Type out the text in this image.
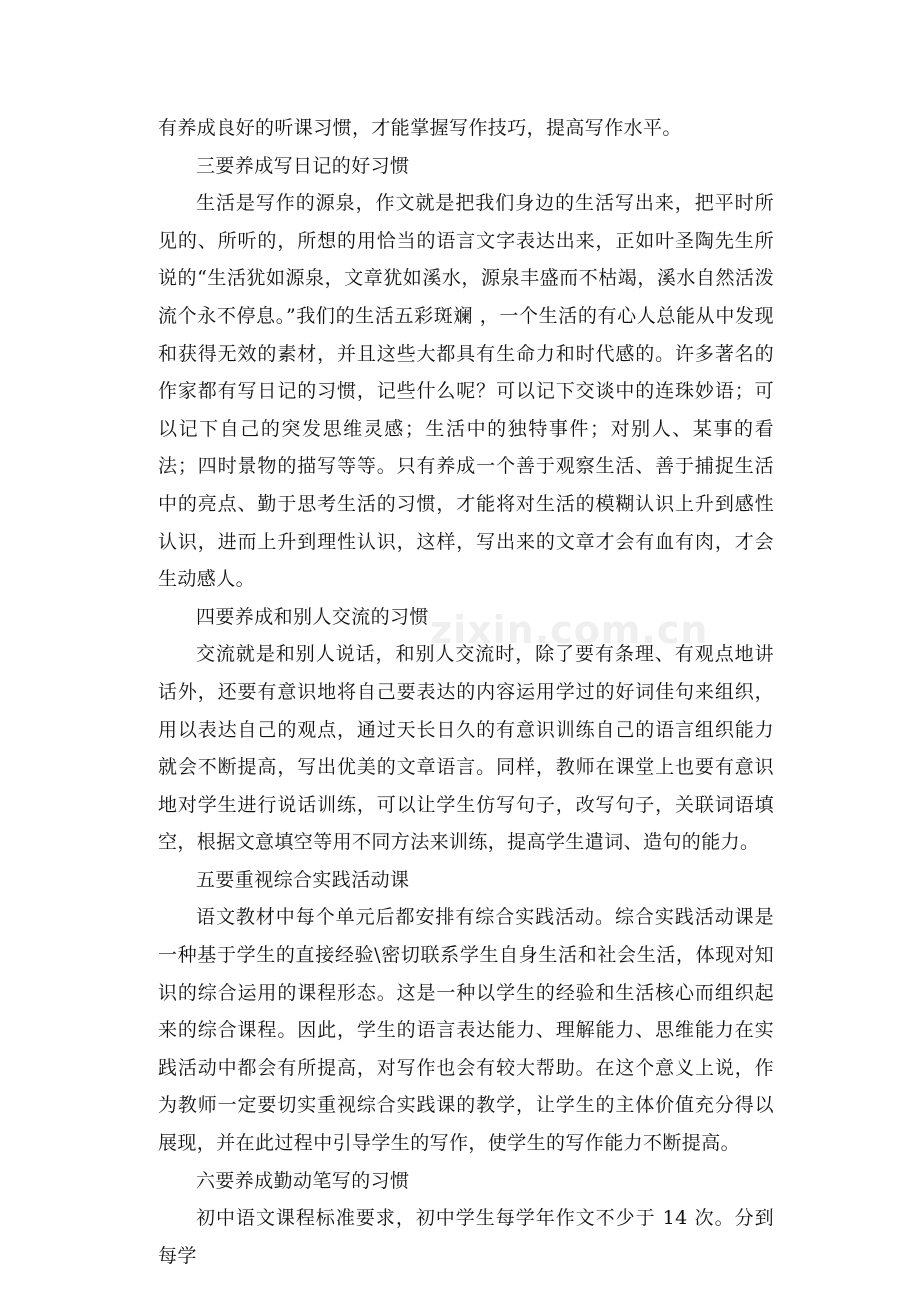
有养成良好的听课习惯，才能掌握写作技巧，提高写作水平。

三要养成写日记的好习惯

生活是写作的源泉，作文就是把我们身边的生活写出来，把平时所见的、所听的，所想的用恰当的语言文字表达出来，正如叶圣陶先生所说的“生活犹如源泉，文章犹如溪水，源泉丰盛而不枯竭，溪水自然活泼流个永不停息。”我们的生活五彩斑斓 ，一个生活的有心人总能从中发现和获得无效的素材，并且这些大都具有生命力和时代感的。许多著名的作家都有写日记的习惯，记些什么呢？可以记下交谈中的连珠妙语；可以记下自己的突发思维灵感；生活中的独特事件；对别人、某事的看法；四时景物的描写等等。只有养成一个善于观察生活、善于捕捉生活中的亮点、勤于思考生活的习惯，才能将对生活的模糊认识上升到感性认识，进而上升到理性认识，这样，写出来的文章才会有血有肉，才会生动感人。

四要养成和别人交流的习惯

交流就是和别人说话，和别人交流时，除了要有条理、有观点地讲话外，还要有意识地将自己要表达的内容运用学过的好词佳句来组织，用以表达自己的观点，通过天长日久的有意识训练自己的语言组织能力就会不断提高，写出优美的文章语言。同样，教师在课堂上也要有意识地对学生进行说话训练，可以让学生仿写句子，改写句子，关联词语填空，根据文意填空等用不同方法来训练，提高学生遣词、造句的能力。

五要重视综合实践活动课

语文教材中每个单元后都安排有综合实践活动。综合实践活动课是一种基于学生的直接经验\密切联系学生自身生活和社会生活，体现对知识的综合运用的课程形态。这是一种以学生的经验和生活核心而组织起来的综合课程。因此，学生的语言表达能力、理解能力、思维能力在实践活动中都会有所提高，对写作也会有较大帮助。在这个意义上说，作为教师一定要切实重视综合实践课的教学，让学生的主体价值充分得以展现，并在此过程中引导学生的写作，使学生的写作能力不断提高。

六要养成勤动笔写的习惯

初中语文课程标准要求，初中学生每学年作文不少于 14 次。分到每学

zixin.com.cn
